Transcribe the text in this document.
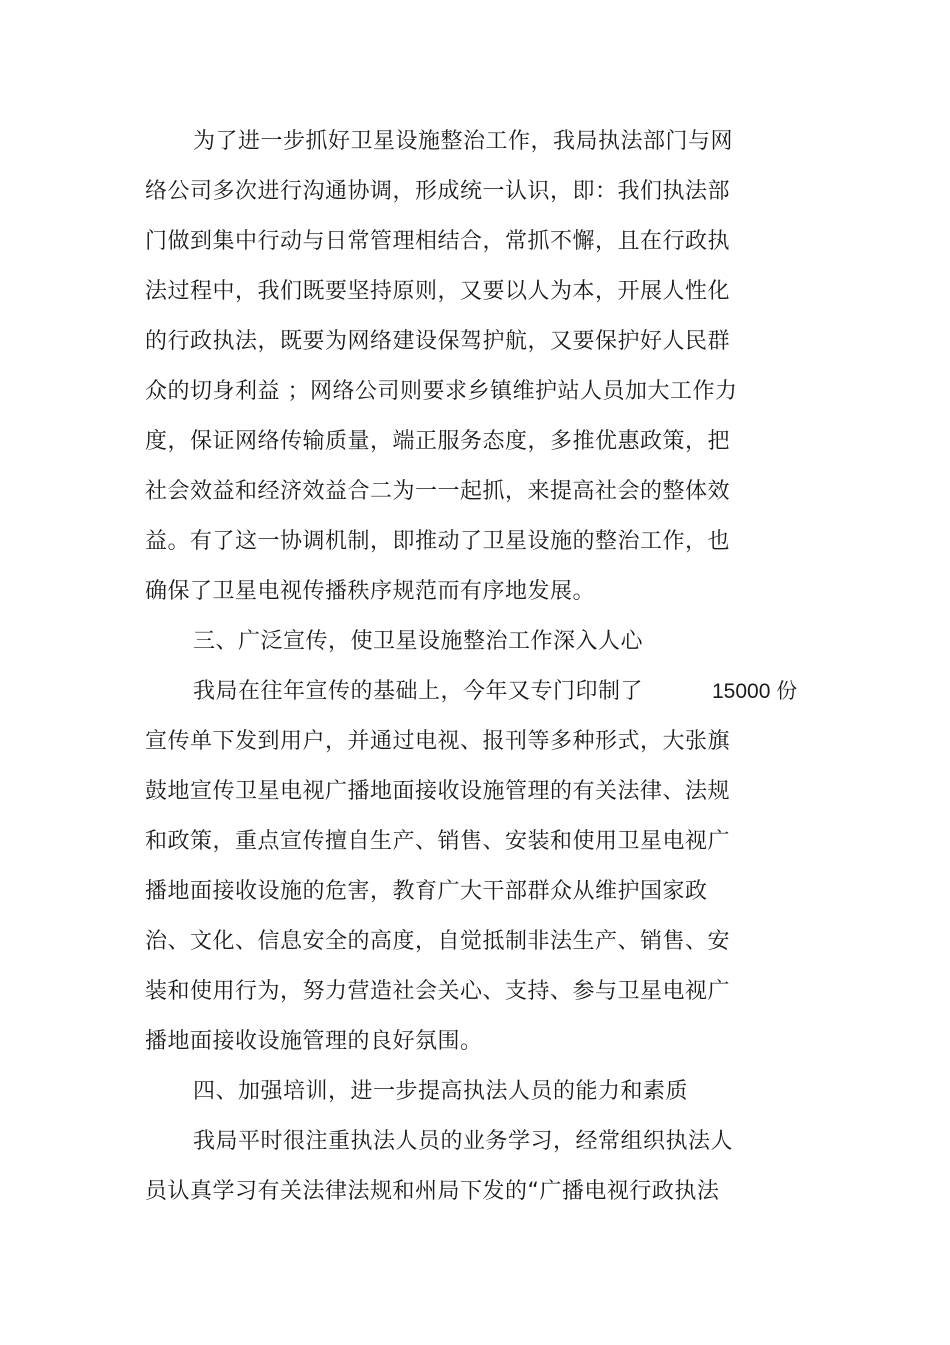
为了进一步抓好卫星设施整治工作，我局执法部门与网
络公司多次进行沟通协调，形成统一认识，即：我们执法部
门做到集中行动与日常管理相结合，常抓不懈，且在行政执
法过程中，我们既要坚持原则，又要以人为本，开展人性化
的行政执法，既要为网络建设保驾护航，又要保护好人民群
众的切身利益 ；网络公司则要求乡镇维护站人员加大工作力
度，保证网络传输质量，端正服务态度，多推优惠政策，把
社会效益和经济效益合二为一一起抓，来提高社会的整体效
益。有了这一协调机制，即推动了卫星设施的整治工作，也
确保了卫星电视传播秩序规范而有序地发展。
三、广泛宣传，使卫星设施整治工作深入人心
我局在往年宣传的基础上，今年又专门印制了	15000 份
宣传单下发到用户，并通过电视、报刊等多种形式，大张旗
鼓地宣传卫星电视广播地面接收设施管理的有关法律、法规
和政策，重点宣传擅自生产、销售、安装和使用卫星电视广
播地面接收设施的危害，教育广大干部群众从维护国家政
治、文化、信息安全的高度，自觉抵制非法生产、销售、安
装和使用行为，努力营造社会关心、支持、参与卫星电视广
播地面接收设施管理的良好氛围。
四、加强培训，进一步提高执法人员的能力和素质
我局平时很注重执法人员的业务学习，经常组织执法人
员认真学习有关法律法规和州局下发的“广播电视行政执法
